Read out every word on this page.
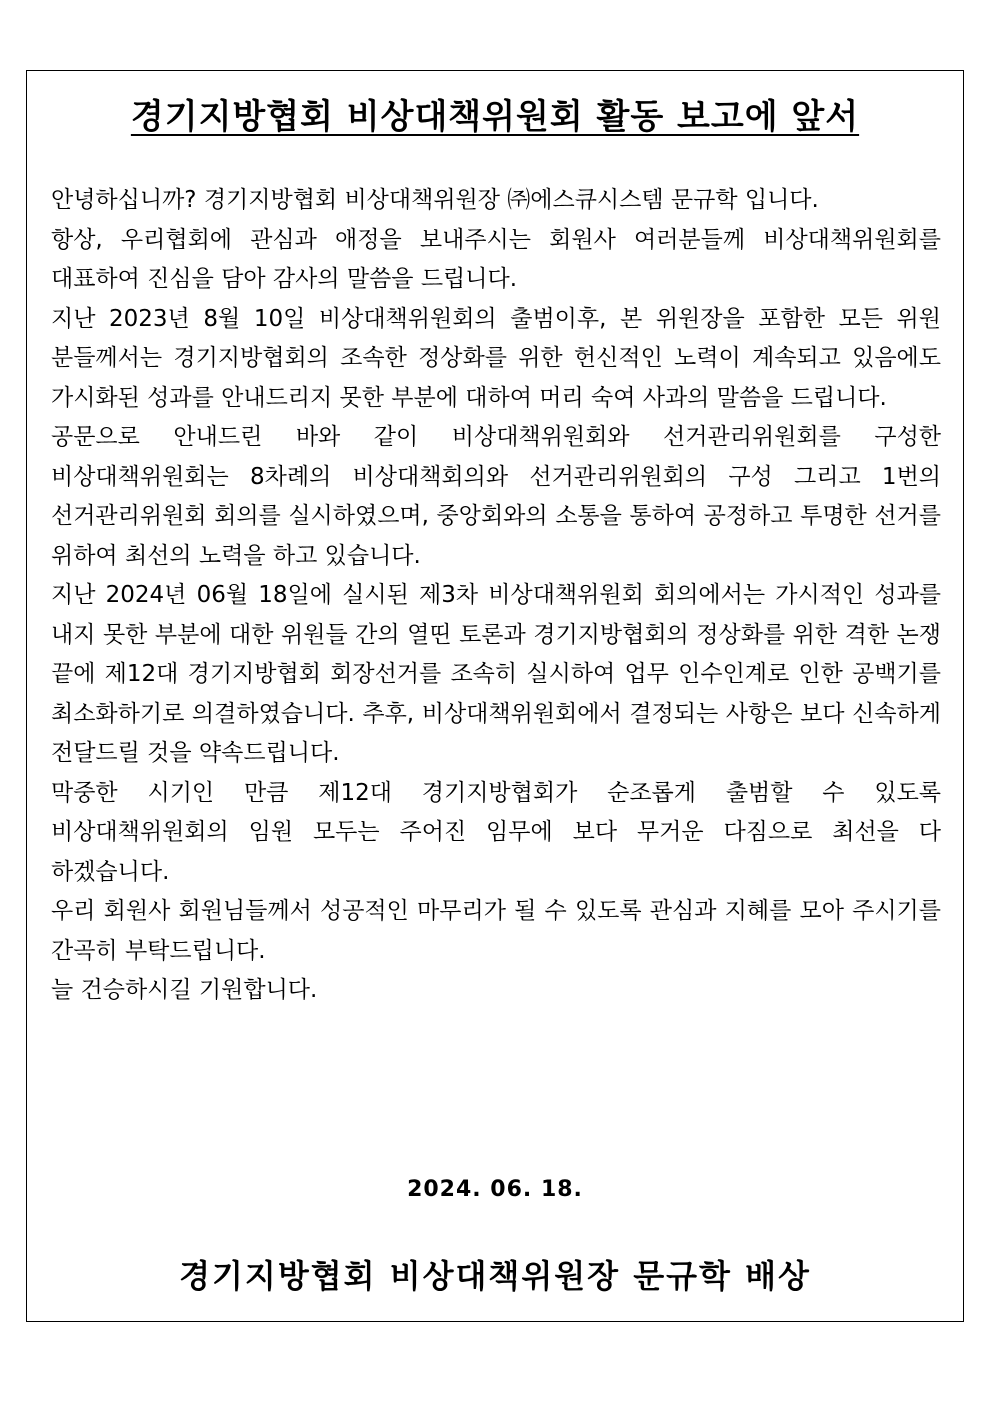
경기지방협회 비상대책위원회 활동 보고에 앞서

안녕하십니까? 경기지방협회 비상대책위원장 ㈜에스큐시스템 문규학 입니다.

항상, 우리협회에 관심과 애정을 보내주시는 회원사 여러분들께 비상대책위원회를 대표하여 진심을 담아 감사의 말씀을 드립니다.

지난 2023년 8월 10일 비상대책위원회의 출범이후, 본 위원장을 포함한 모든 위원 분들께서는 경기지방협회의 조속한 정상화를 위한 헌신적인 노력이 계속되고 있음에도 가시화된 성과를 안내드리지 못한 부분에 대하여 머리 숙여 사과의 말씀을 드립니다.

공문으로 안내드린 바와 같이 비상대책위원회와 선거관리위원회를 구성한 비상대책위원회는 8차례의 비상대책회의와 선거관리위원회의 구성 그리고 1번의 선거관리위원회 회의를 실시하였으며, 중앙회와의 소통을 통하여 공정하고 투명한 선거를 위하여 최선의 노력을 하고 있습니다.

지난 2024년 06월 18일에 실시된 제3차 비상대책위원회 회의에서는 가시적인 성과를 내지 못한 부분에 대한 위원들 간의 열띤 토론과 경기지방협회의 정상화를 위한 격한 논쟁 끝에 제12대 경기지방협회 회장선거를 조속히 실시하여 업무 인수인계로 인한 공백기를 최소화하기로 의결하였습니다. 추후, 비상대책위원회에서 결정되는 사항은 보다 신속하게 전달드릴 것을 약속드립니다.

막중한 시기인 만큼 제12대 경기지방협회가 순조롭게 출범할 수 있도록 비상대책위원회의 임원 모두는 주어진 임무에 보다 무거운 다짐으로 최선을 다 하겠습니다.

우리 회원사 회원님들께서 성공적인 마무리가 될 수 있도록 관심과 지혜를 모아 주시기를 간곡히 부탁드립니다.

늘 건승하시길 기원합니다.

2024. 06. 18.

경기지방협회 비상대책위원장 문규학 배상
